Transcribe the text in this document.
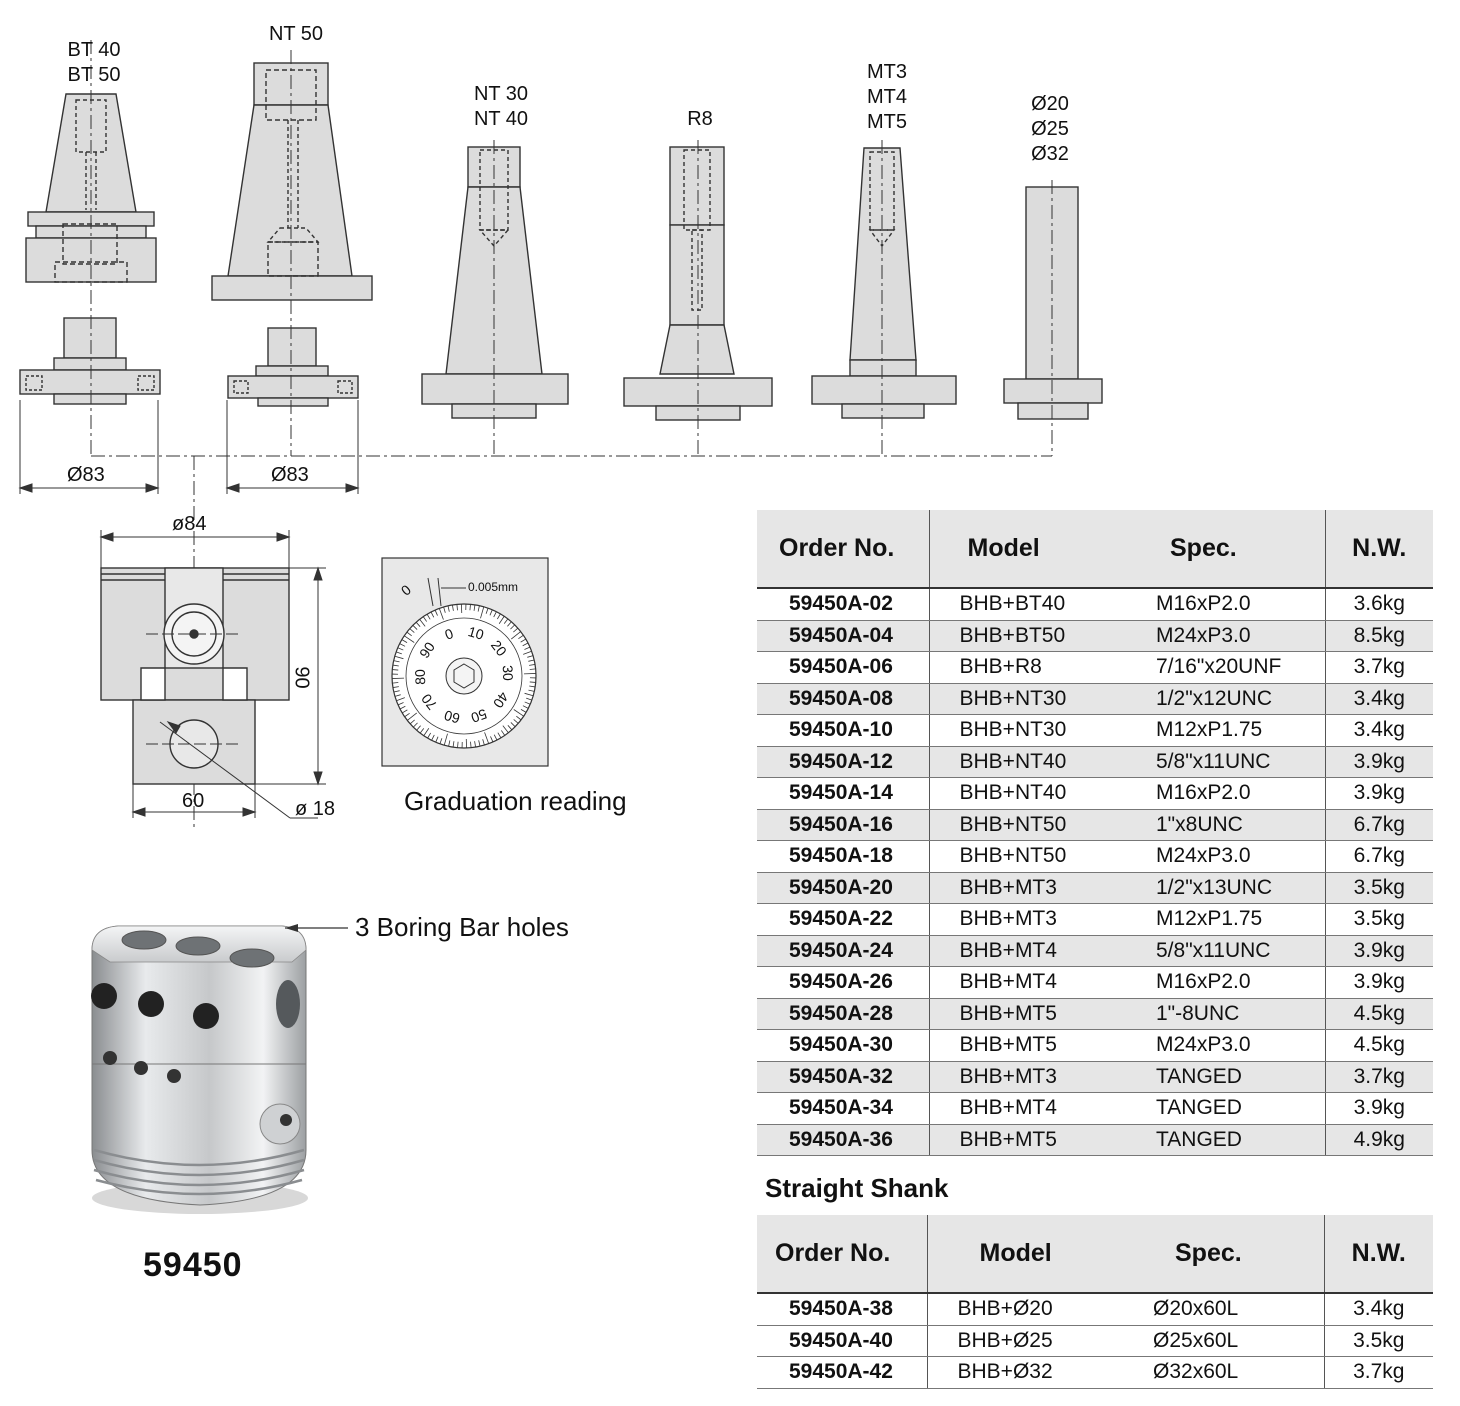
BT 40
BT 50
NT 50
NT 30
NT 40	R8
MT3
MT4
MT5
Ø20
Ø25
Ø32
Ø83	Ø83
ø84
90
60	ø 18
0.005mm
0 10
20
30
40
50
60
70
80
90
0
Graduation reading
3 Boring Bar holes
59450
Order No.	Model	Spec.	N.W.
59450A-02	BHB+BT40	M16xP2.0	3.6kg
59450A-04	BHB+BT50	M24xP3.0	8.5kg
59450A-06	BHB+R8	7/16"x20UNF	3.7kg
59450A-08	BHB+NT30	1/2"x12UNC	3.4kg
59450A-10	BHB+NT30	M12xP1.75	3.4kg
59450A-12	BHB+NT40	5/8"x11UNC	3.9kg
59450A-14	BHB+NT40	M16xP2.0	3.9kg
59450A-16	BHB+NT50	1"x8UNC	6.7kg
59450A-18	BHB+NT50	M24xP3.0	6.7kg
59450A-20	BHB+MT3	1/2"x13UNC	3.5kg
59450A-22	BHB+MT3	M12xP1.75	3.5kg
59450A-24	BHB+MT4	5/8"x11UNC	3.9kg
59450A-26	BHB+MT4	M16xP2.0	3.9kg
59450A-28	BHB+MT5	1"-8UNC	4.5kg
59450A-30	BHB+MT5	M24xP3.0	4.5kg
59450A-32	BHB+MT3	TANGED	3.7kg
59450A-34	BHB+MT4	TANGED	3.9kg
59450A-36	BHB+MT5	TANGED	4.9kg
Straight Shank
Order No.	Model	Spec.	N.W.
59450A-38	BHB+Ø20	Ø20x60L	3.4kg
59450A-40	BHB+Ø25	Ø25x60L	3.5kg
59450A-42	BHB+Ø32	Ø32x60L	3.7kg
